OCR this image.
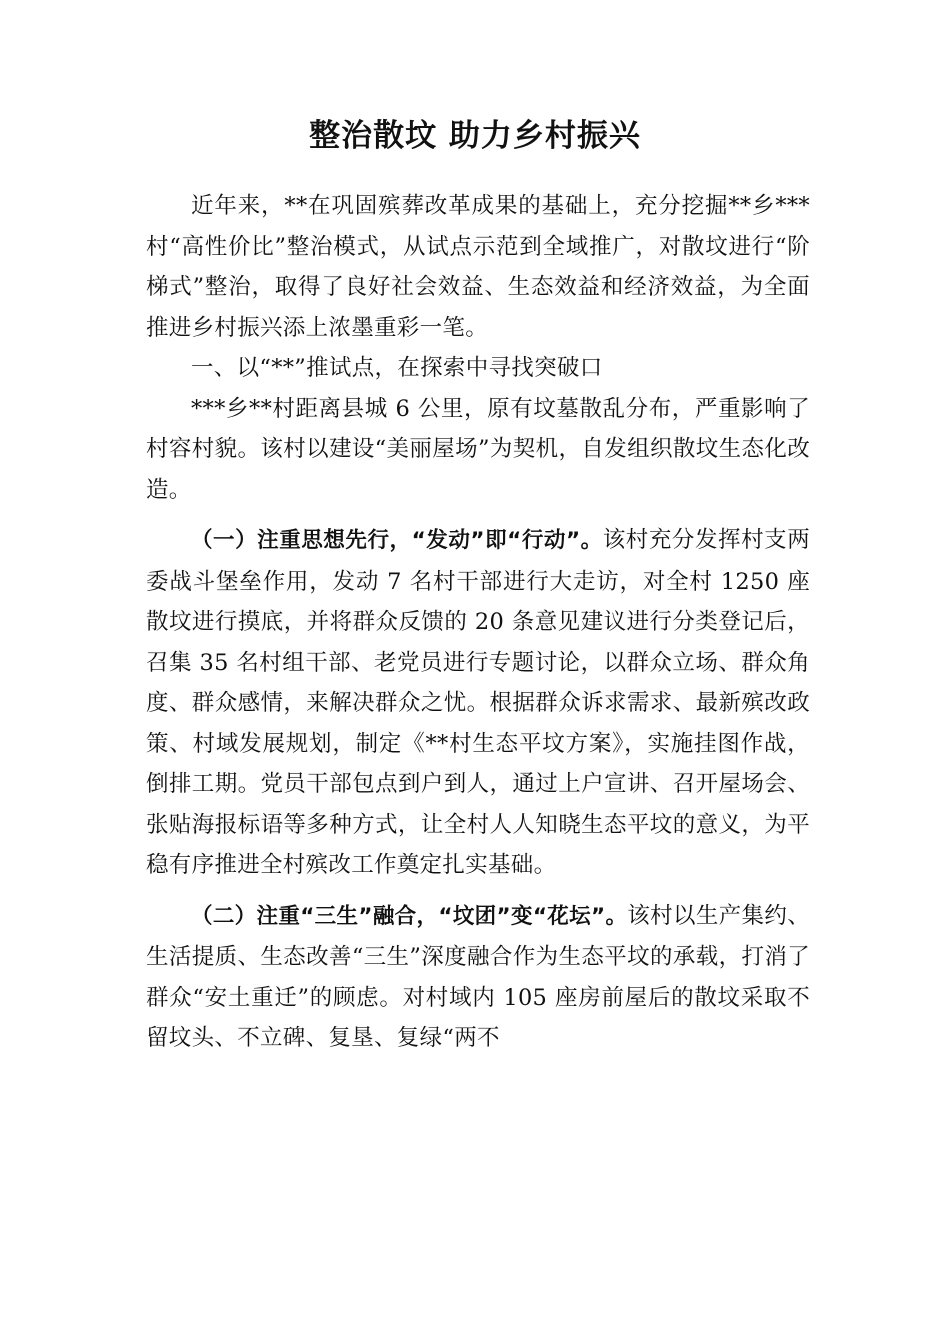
整治散坟 助力乡村振兴

近年来，**在巩固殡葬改革成果的基础上，充分挖掘**乡***村“高性价比”整治模式，从试点示范到全域推广，对散坟进行“阶梯式”整治，取得了良好社会效益、生态效益和经济效益，为全面推进乡村振兴添上浓墨重彩一笔。

一、以“**”推试点，在探索中寻找突破口

***乡**村距离县城 6 公里，原有坟墓散乱分布，严重影响了村容村貌。该村以建设“美丽屋场”为契机，自发组织散坟生态化改造。

（一）注重思想先行，“发动”即“行动”。该村充分发挥村支两委战斗堡垒作用，发动 7 名村干部进行大走访，对全村 1250 座散坟进行摸底，并将群众反馈的 20 条意见建议进行分类登记后，召集 35 名村组干部、老党员进行专题讨论，以群众立场、群众角度、群众感情，来解决群众之忧。根据群众诉求需求、最新殡改政策、村域发展规划，制定《**村生态平坟方案》，实施挂图作战，倒排工期。党员干部包点到户到人，通过上户宣讲、召开屋场会、张贴海报标语等多种方式，让全村人人知晓生态平坟的意义，为平稳有序推进全村殡改工作奠定扎实基础。

（二）注重“三生”融合，“坟团”变“花坛”。该村以生产集约、生活提质、生态改善“三生”深度融合作为生态平坟的承载，打消了群众“安土重迁”的顾虑。对村域内 105 座房前屋后的散坟采取不留坟头、不立碑、复垦、复绿“两不
